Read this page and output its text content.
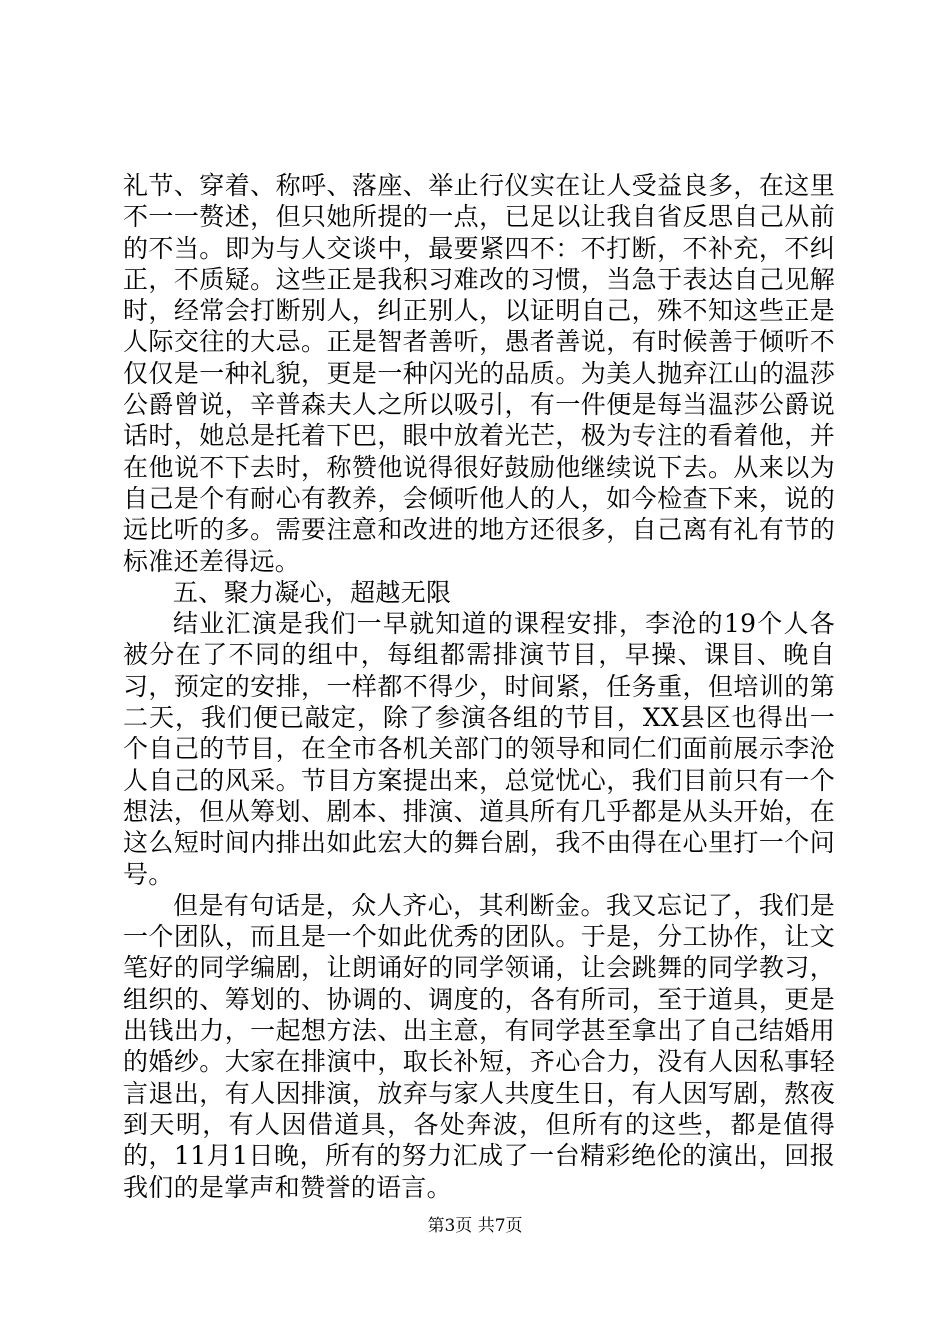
礼节、穿着、称呼、落座、举止行仪实在让人受益良多，在这里不一一赘述，但只她所提的一点，已足以让我自省反思自己从前的不当。即为与人交谈中，最要紧四不：不打断，不补充，不纠正，不质疑。这些正是我积习难改的习惯，当急于表达自己见解时，经常会打断别人，纠正别人，以证明自己，殊不知这些正是人际交往的大忌。正是智者善听，愚者善说，有时候善于倾听不仅仅是一种礼貌，更是一种闪光的品质。为美人抛弃江山的温莎公爵曾说，辛普森夫人之所以吸引，有一件便是每当温莎公爵说话时，她总是托着下巴，眼中放着光芒，极为专注的看着他，并在他说不下去时，称赞他说得很好鼓励他继续说下去。从来以为自己是个有耐心有教养，会倾听他人的人，如今检查下来，说的远比听的多。需要注意和改进的地方还很多，自己离有礼有节的标准还差得远。

五、聚力凝心，超越无限

结业汇演是我们一早就知道的课程安排，李沧的19个人各被分在了不同的组中，每组都需排演节目，早操、课目、晚自习，预定的安排，一样都不得少，时间紧，任务重，但培训的第二天，我们便已敲定，除了参演各组的节目，XX县区也得出一个自己的节目，在全市各机关部门的领导和同仁们面前展示李沧人自己的风采。节目方案提出来，总觉忧心，我们目前只有一个想法，但从筹划、剧本、排演、道具所有几乎都是从头开始，在这么短时间内排出如此宏大的舞台剧，我不由得在心里打一个问号。

但是有句话是，众人齐心，其利断金。我又忘记了，我们是一个团队，而且是一个如此优秀的团队。于是，分工协作，让文笔好的同学编剧，让朗诵好的同学领诵，让会跳舞的同学教习，组织的、筹划的、协调的、调度的，各有所司，至于道具，更是出钱出力，一起想方法、出主意，有同学甚至拿出了自己结婚用的婚纱。大家在排演中，取长补短，齐心合力，没有人因私事轻言退出，有人因排演，放弃与家人共度生日，有人因写剧，熬夜到天明，有人因借道具，各处奔波，但所有的这些，都是值得的，11月1日晚，所有的努力汇成了一台精彩绝伦的演出，回报我们的是掌声和赞誉的语言。

第3页 共7页
